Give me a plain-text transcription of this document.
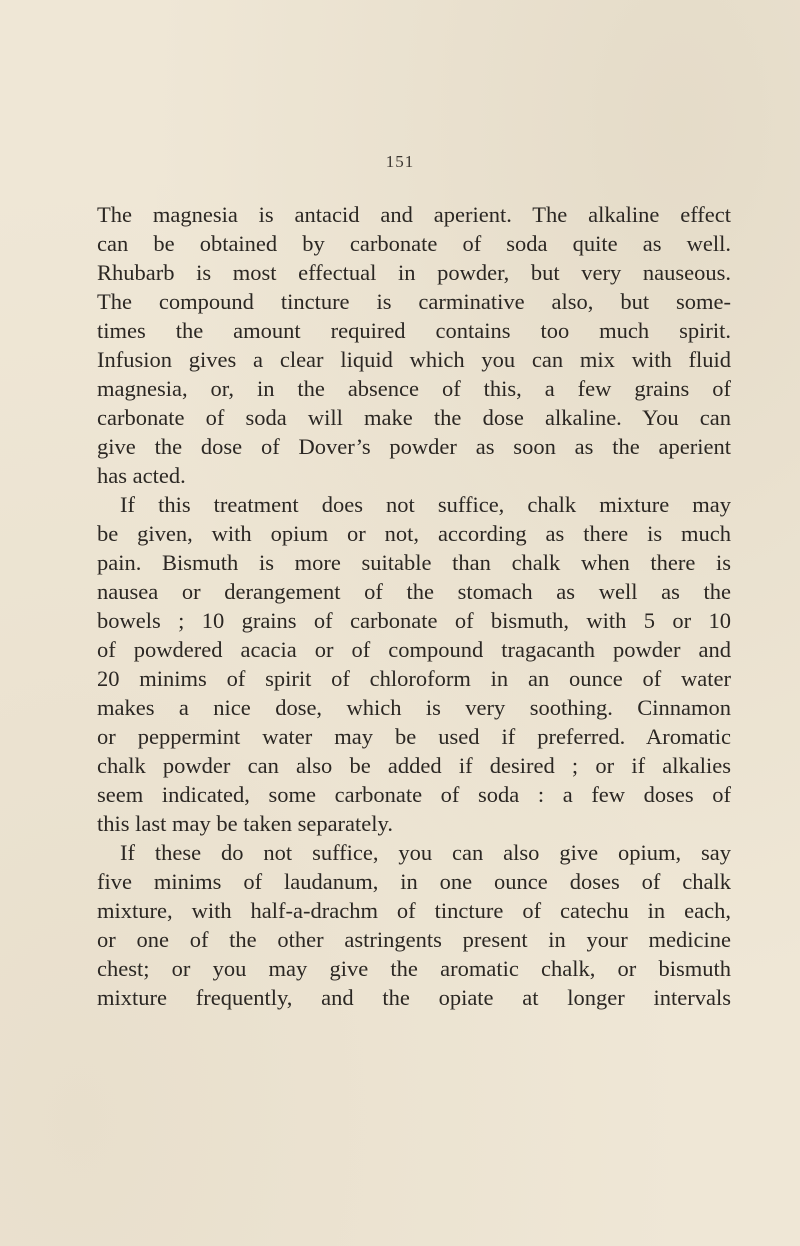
151
The magnesia is antacid and aperient. The alkaline effect
can be obtained by carbonate of soda quite as well.
Rhubarb is most effectual in powder, but very nauseous.
The compound tincture is carminative also, but some-
times the amount required contains too much spirit.
Infusion gives a clear liquid which you can mix with fluid
magnesia, or, in the absence of this, a few grains of
carbonate of soda will make the dose alkaline. You can
give the dose of Dover’s powder as soon as the aperient
has acted.
If this treatment does not suffice, chalk mixture may
be given, with opium or not, according as there is much
pain. Bismuth is more suitable than chalk when there is
nausea or derangement of the stomach as well as the
bowels ; 10 grains of carbonate of bismuth, with 5 or 10
of powdered acacia or of compound tragacanth powder and
20 minims of spirit of chloroform in an ounce of water
makes a nice dose, which is very soothing. Cinnamon
or peppermint water may be used if preferred. Aromatic
chalk powder can also be added if desired ; or if alkalies
seem indicated, some carbonate of soda : a few doses of
this last may be taken separately.
If these do not suffice, you can also give opium, say
five minims of laudanum, in one ounce doses of chalk
mixture, with half-a-drachm of tincture of catechu in each,
or one of the other astringents present in your medicine
chest; or you may give the aromatic chalk, or bismuth
mixture frequently, and the opiate at longer intervals
